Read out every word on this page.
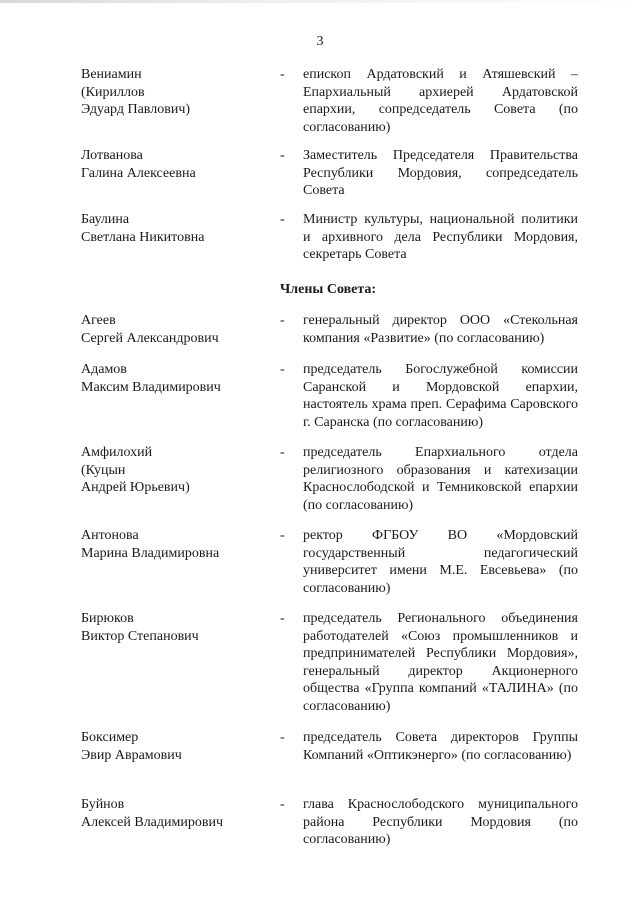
3
Вениамин
(Кириллов
Эдуард Павлович)
- епископ Ардатовский и Атяшевский – Епархиальный архиерей Ардатовской епархии, сопредседатель Совета (по согласованию)

Лотванова
Галина Алексеевна
- Заместитель Председателя Правительства Республики Мордовия, сопредседатель Совета

Баулина
Светлана Никитовна
- Министр культуры, национальной политики и архивного дела Республики Мордовия, секретарь Совета

Члены Совета:
Агеев
Сергей Александрович
- генеральный директор ООО «Стекольная компания «Развитие» (по согласованию)

Адамов
Максим Владимирович
- председатель Богослужебной комиссии Саранской и Мордовской епархии, настоятель храма преп. Серафима Саровского г. Саранска (по согласованию)

Амфилохий
(Куцын
Андрей Юрьевич)
- председатель Епархиального отдела религиозного образования и катехизации Краснослободской и Темниковской епархии (по согласованию)

Антонова
Марина Владимировна
- ректор ФГБОУ ВО «Мордовский государственный педагогический университет имени М.Е. Евсевьева» (по согласованию)

Бирюков
Виктор Степанович
- председатель Регионального объединения работодателей «Союз промышленников и предпринимателей Республики Мордовия», генеральный директор Акционерного общества «Группа компаний «ТАЛИНА» (по согласованию)

Боксимер
Эвир Аврамович
- председатель Совета директоров Группы Компаний «Оптикэнерго» (по согласованию)

Буйнов
Алексей Владимирович
- глава Краснослободского муниципального района Республики Мордовия (по согласованию)
